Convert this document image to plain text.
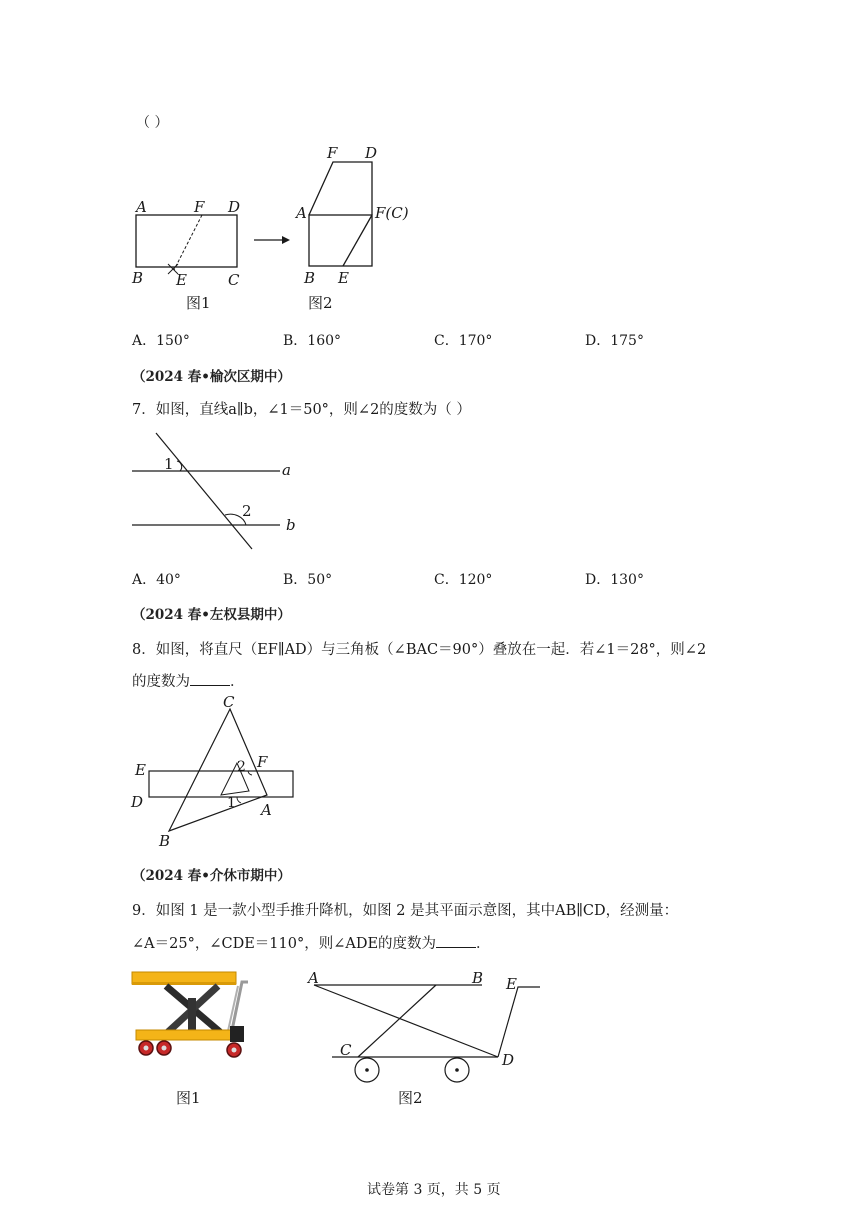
（ ）
A	F D
B E	C
图1
F D
A	F(C)
B E
图2
A．150°	B．160°	C．170°	D．175°
（2024 春•榆次区期中）
7．如图，直线a∥b，∠1＝50°，则∠2的度数为（ ）
1
2
a
b
A．40°	B．50°	C．120°	D．130°
（2024 春•左权县期中）
8．如图，将直尺（EF∥AD）与三角板（∠BAC＝90°）叠放在一起．若∠1＝28°，则∠2
的度数为	．
C
E	F
D	A
B
1
2
（2024 春•介休市期中）
9．如图 1 是一款小型手推升降机，如图 2 是其平面示意图，其中AB∥CD，经测量：
∠A＝25°，∠CDE＝110°，则∠ADE的度数为	．
图1
A	B E
C
D
图2
试卷第 3 页，共 5 页
